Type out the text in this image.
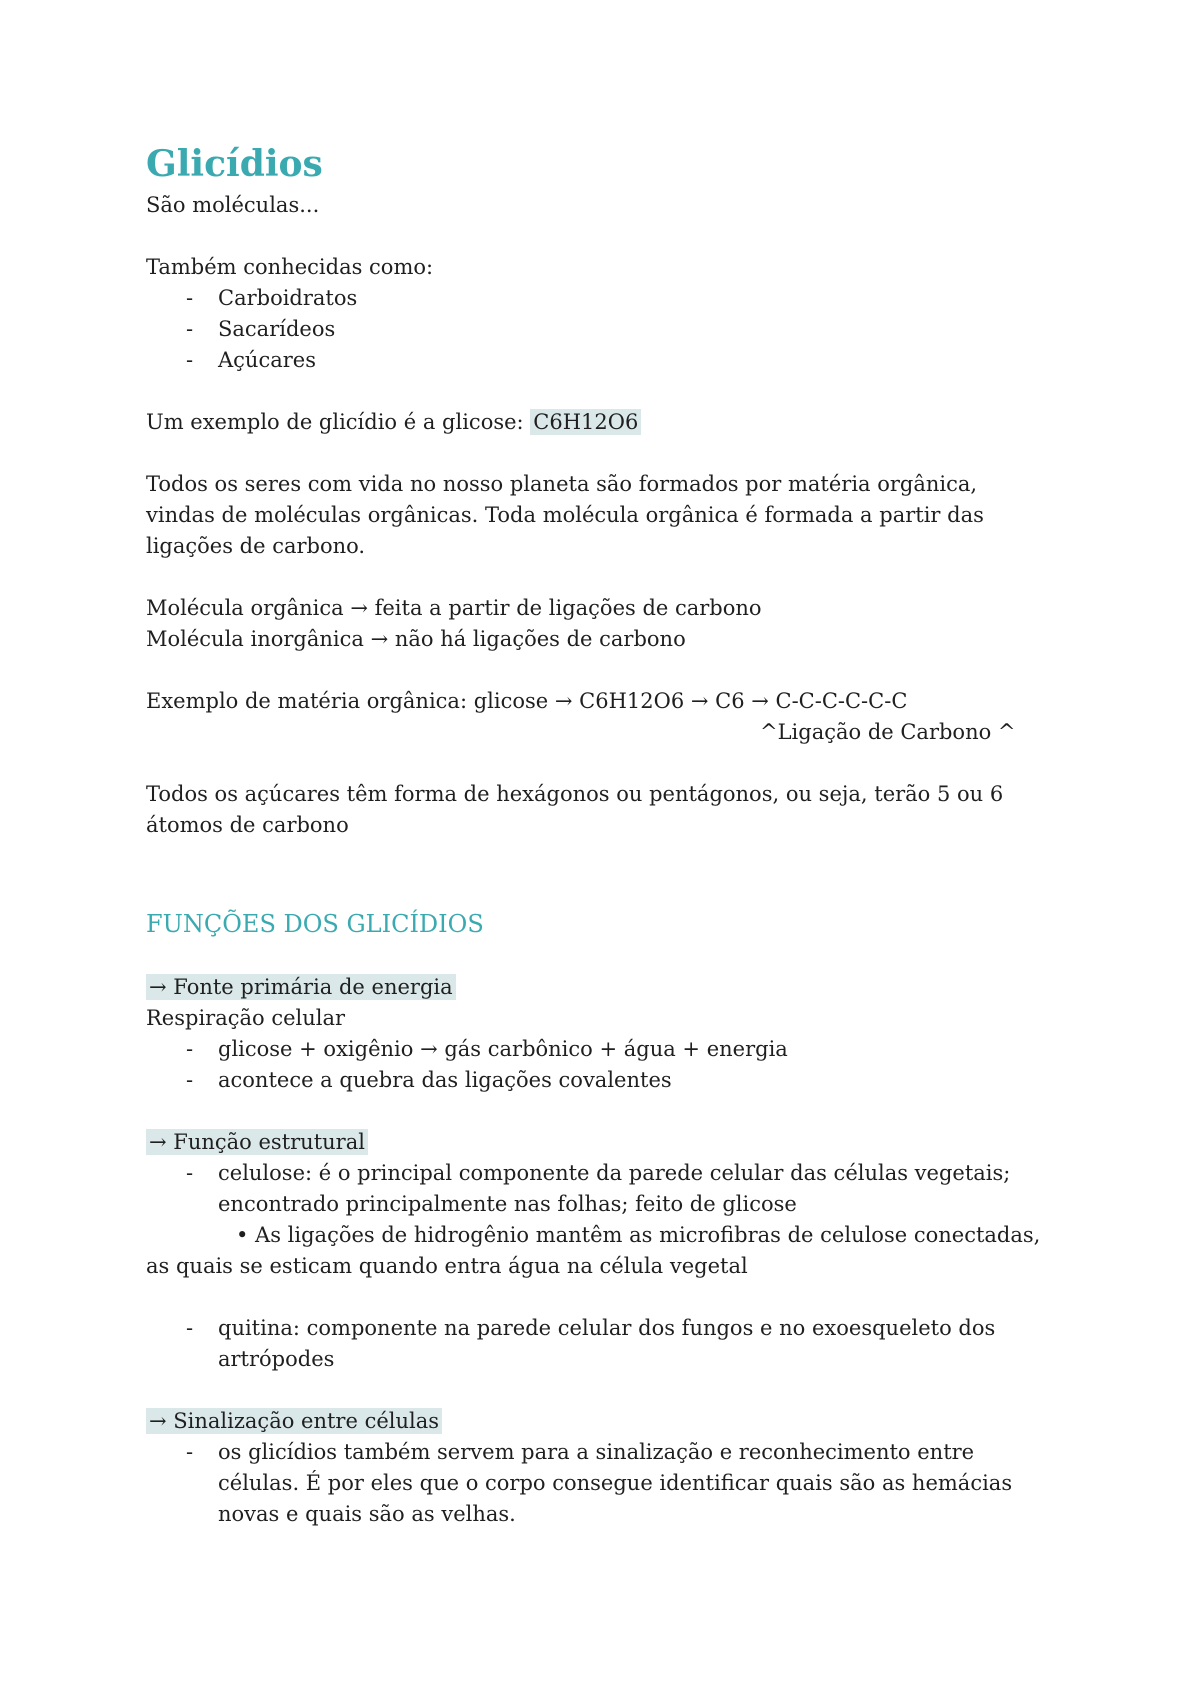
Glicídios
São moléculas...
Também conhecidas como:
- Carboidratos
- Sacarídeos
- Açúcares
Um exemplo de glicídio é a glicose: C6H12O6
Todos os seres com vida no nosso planeta são formados por matéria orgânica,
vindas de moléculas orgânicas. Toda molécula orgânica é formada a partir das
ligações de carbono.
Molécula orgânica → feita a partir de ligações de carbono
Molécula inorgânica → não há ligações de carbono
Exemplo de matéria orgânica: glicose → C6H12O6 → C6 → C-C-C-C-C-C
^Ligação de Carbono ^
Todos os açúcares têm forma de hexágonos ou pentágonos, ou seja, terão 5 ou 6
átomos de carbono
FUNÇÕES DOS GLICÍDIOS
→ Fonte primária de energia
Respiração celular
- glicose + oxigênio → gás carbônico + água + energia
- acontece a quebra das ligações covalentes
→ Função estrutural
- celulose: é o principal componente da parede celular das células vegetais;
encontrado principalmente nas folhas; feito de glicose
• As ligações de hidrogênio mantêm as microfibras de celulose conectadas,
as quais se esticam quando entra água na célula vegetal
- quitina: componente na parede celular dos fungos e no exoesqueleto dos
artrópodes
→ Sinalização entre células
- os glicídios também servem para a sinalização e reconhecimento entre
células. É por eles que o corpo consegue identificar quais são as hemácias
novas e quais são as velhas.
